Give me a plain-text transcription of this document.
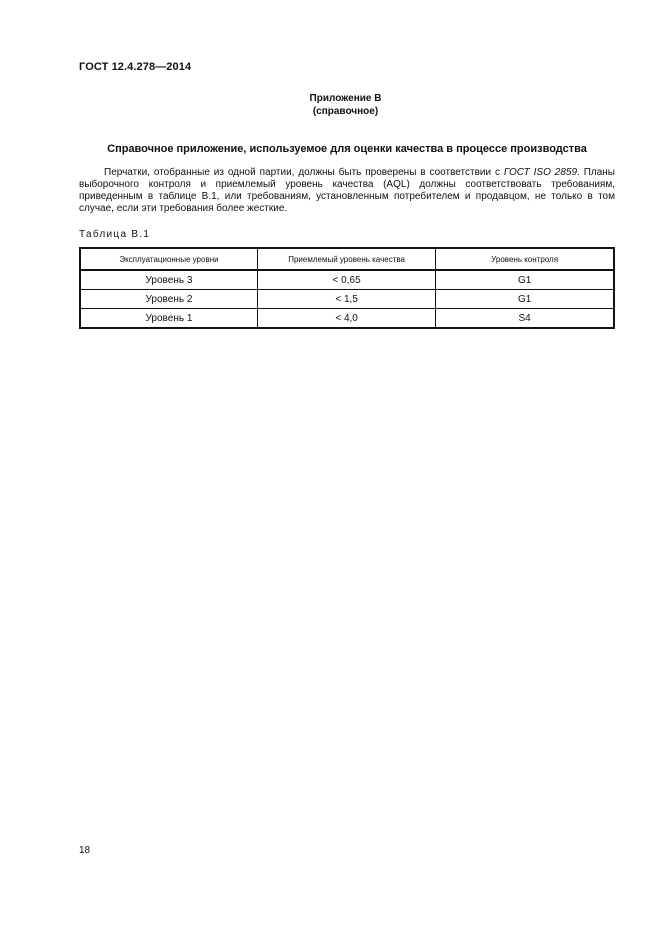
ГОСТ 12.4.278—2014
Приложение В
(справочное)
Справочное приложение, используемое для оценки качества в процессе производства

Перчатки, отобранные из одной партии, должны быть проверены в соответствии с ГОСТ ISO 2859. Планы выборочного контроля и приемлемый уровень качества (AQL) должны соответствовать требованиям, приведенным в таблице В.1, или требованиям, установленным потребителем и продавцом, не только в том случае, если эти требования более жесткие.

Таблица В.1
Эксплуатационные уровни	Приемлемый уровень качества	Уровень контроля
Уровень 3	< 0,65	G1
Уровень 2	< 1,5	G1
Уровень 1	< 4,0	S4
18
